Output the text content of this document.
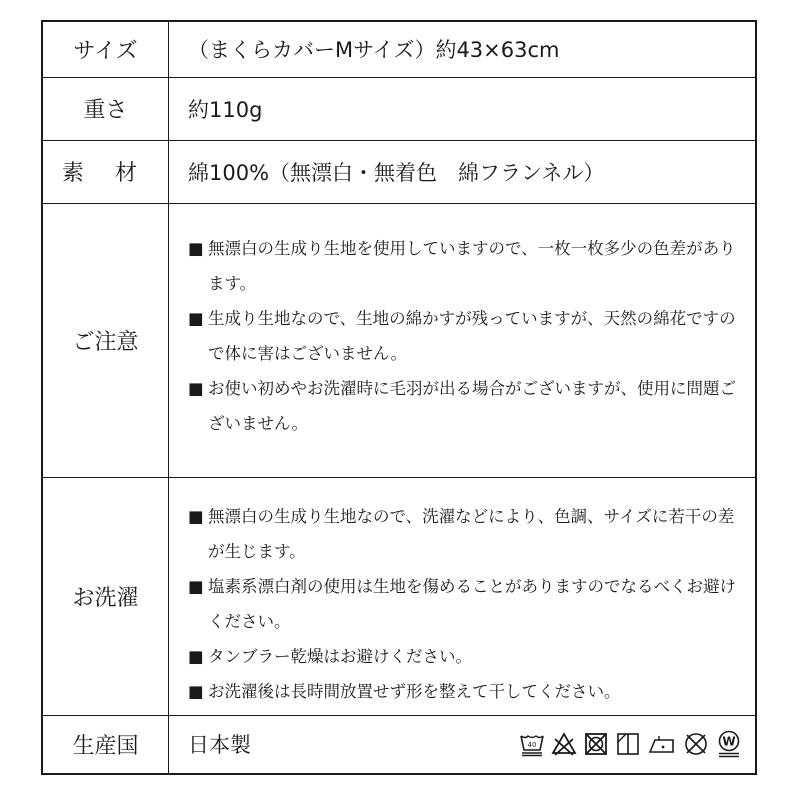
サイズ	（まくらカバーMサイズ）約43×63cm
重さ	約110g
素 材	綿100%（無漂白・無着色　綿フランネル）
ご注意	■ 無漂白の生成り生地を使用していますので、一枚一枚多少の色差があります。
■ 生成り生地なので、生地の綿かすが残っていますが、天然の綿花ですので体に害はございません。
■ お使い初めやお洗濯時に毛羽が出る場合がございますが、使用に問題ございません。

お洗濯	■ 無漂白の生成り生地なので、洗濯などにより、色調、サイズに若干の差が生じます。
■ 塩素系漂白剤の使用は生地を傷めることがありますのでなるべくお避けください。
■ タンブラー乾燥はお避けください。
■ お洗濯後は長時間放置せず形を整えて干してください。

生産国	日本製 40 W
